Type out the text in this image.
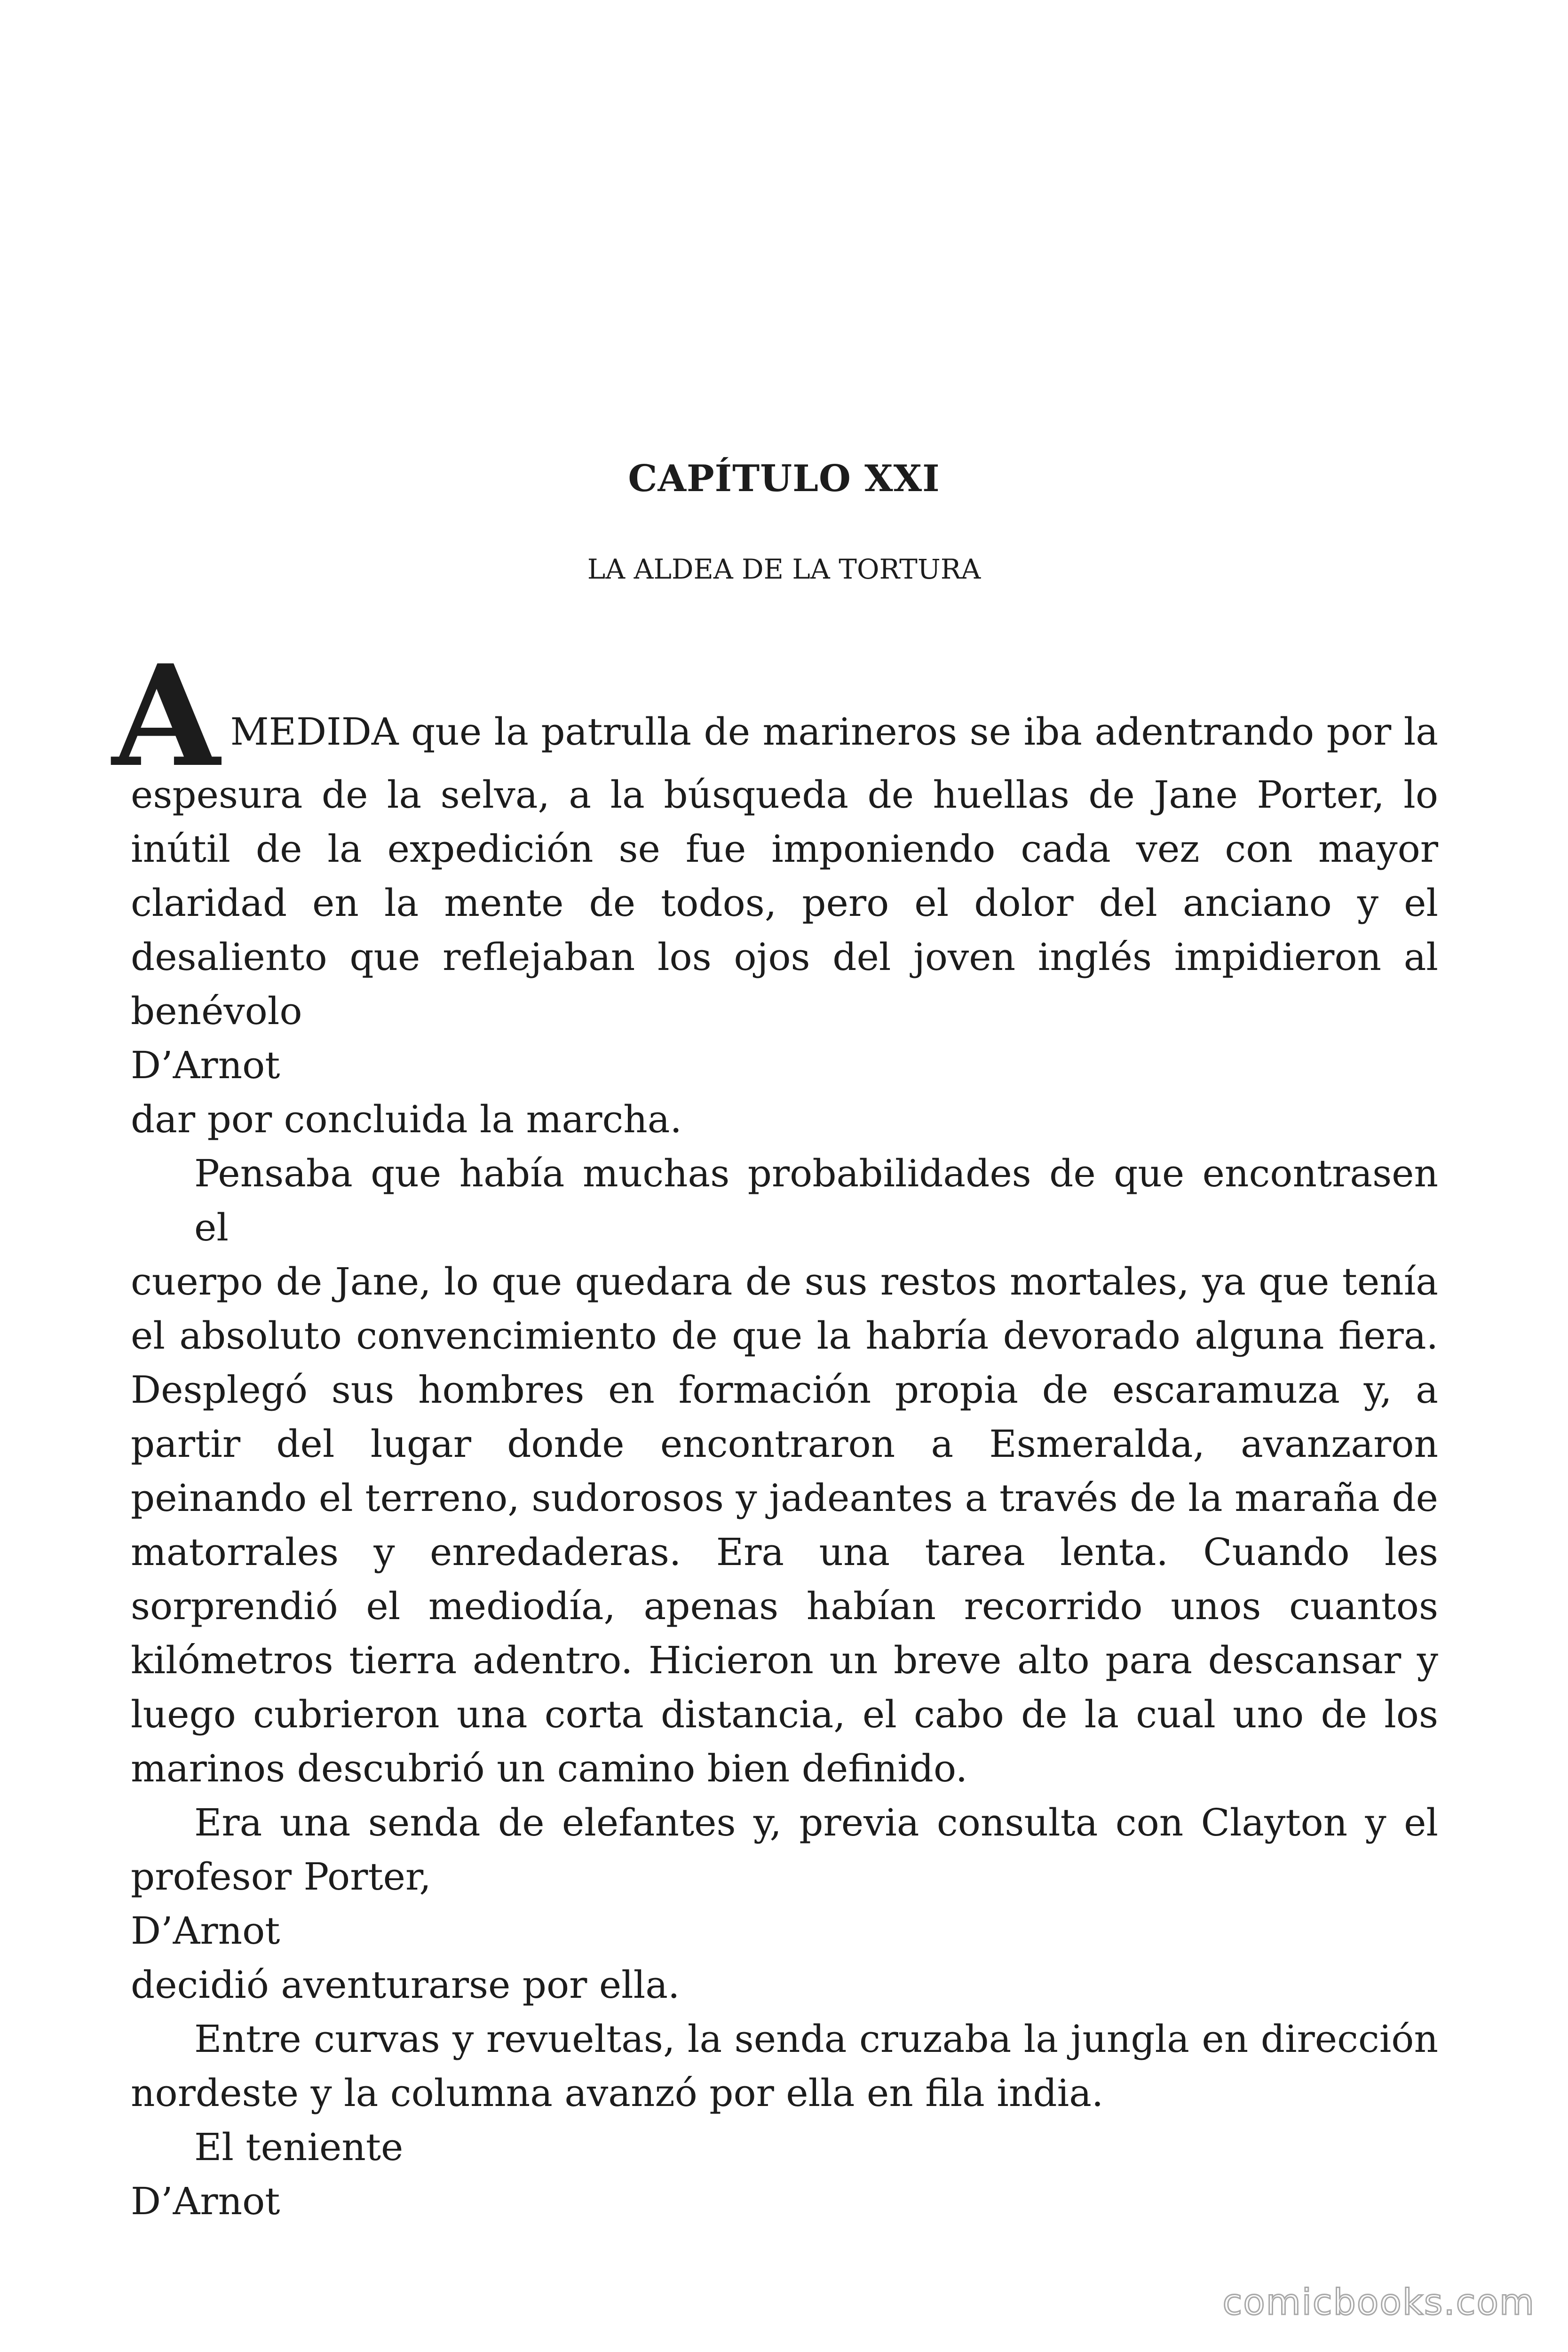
CAPÍTULO XXI
LA ALDEA DE LA TORTURA
A MEDIDA que la patrulla de marineros se iba adentrando por la
espesura de la selva, a la búsqueda de huellas de Jane Porter, lo
inútil de la expedición se fue imponiendo cada vez con mayor
claridad en la mente de todos, pero el dolor del anciano y el
desaliento que reflejaban los ojos del joven inglés impidieron al
benévolo
D’Arnot
dar por concluida la marcha.
Pensaba que había muchas probabilidades de que encontrasen el
cuerpo de Jane, lo que quedara de sus restos mortales, ya que tenía
el absoluto convencimiento de que la habría devorado alguna fiera.
Desplegó sus hombres en formación propia de escaramuza y, a
partir del lugar donde encontraron a Esmeralda, avanzaron
peinando el terreno, sudorosos y jadeantes a través de la maraña de
matorrales y enredaderas. Era una tarea lenta. Cuando les
sorprendió el mediodía, apenas habían recorrido unos cuantos
kilómetros tierra adentro. Hicieron un breve alto para descansar y
luego cubrieron una corta distancia, el cabo de la cual uno de los
marinos descubrió un camino bien definido.
Era una senda de elefantes y, previa consulta con Clayton y el
profesor Porter,
D’Arnot
decidió aventurarse por ella.
Entre curvas y revueltas, la senda cruzaba la jungla en dirección
nordeste y la columna avanzó por ella en fila india.
El teniente
D’Arnot
comicbooks.com
